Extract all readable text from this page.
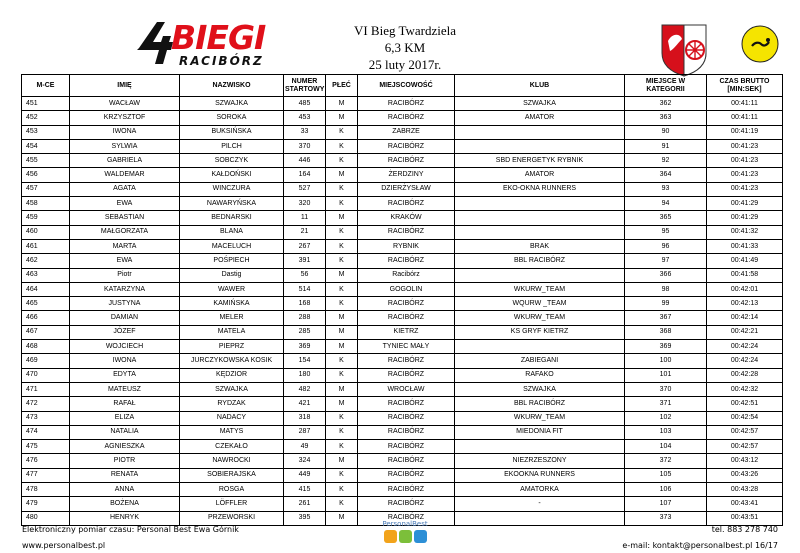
BIEGI
RACIBÓRZ
VI Bieg Twardziela
6,3 KM
25 luty 2017r.
M-CE	IMIĘ	NAZWISKO	NUMER STARTOWY	PŁEĆ	MIEJSCOWOŚĆ	KLUB	MIEJSCE W KATEGORII	CZAS BRUTTO [MIN:SEK]
451	WACŁAW	SZWAJKA	485	M	RACIBÓRZ	SZWAJKA	362	00:41:11
452	KRZYSZTOF	SOROKA	453	M	RACIBÓRZ	AMATOR	363	00:41:11
453	IWONA	BUKSIŃSKA	33	K	ZABRZE		90	00:41:19
454	SYLWIA	PILCH	370	K	RACIBÓRZ		91	00:41:23
455	GABRIELA	SOBCZYK	446	K	RACIBÓRZ	SBD ENERGETYK RYBNIK	92	00:41:23
456	WALDEMAR	KAŁDOŃSKI	164	M	ŻERDZINY	AMATOR	364	00:41:23
457	AGATA	WINCZURA	527	K	DZIERŻYSŁAW	EKO-OKNA RUNNERS	93	00:41:23
458	EWA	NAWARYŃSKA	320	K	RACIBÓRZ		94	00:41:29
459	SEBASTIAN	BEDNARSKI	11	M	KRAKÓW		365	00:41:29
460	MAŁGORZATA	BLANA	21	K	RACIBÓRZ		95	00:41:32
461	MARTA	MACELUCH	267	K	RYBNIK	BRAK	96	00:41:33
462	EWA	POŚPIECH	391	K	RACIBÓRZ	BBL RACIBÓRZ	97	00:41:49
463	Piotr	Dastig	56	M	Racibórz		366	00:41:58
464	KATARZYNA	WAWER	514	K	GOGOLIN	WKURW_TEAM	98	00:42:01
465	JUSTYNA	KAMIŃSKA	168	K	RACIBÓRZ	WQURW _TEAM	99	00:42:13
466	DAMIAN	MELER	288	M	RACIBÓRZ	WKURW_TEAM	367	00:42:14
467	JÓZEF	MATELA	285	M	KIETRZ	KS GRYF KIETRZ	368	00:42:21
468	WOJCIECH	PIEPRZ	369	M	TYNIEC MAŁY		369	00:42:24
469	IWONA	JURCZYKOWSKA KOSIK	154	K	RACIBÓRZ	ZABIEGANI	100	00:42:24
470	EDYTA	KĘDZIOR	180	K	RACIBÓRZ	RAFAKO	101	00:42:28
471	MATEUSZ	SZWAJKA	482	M	WROCŁAW	SZWAJKA	370	00:42:32
472	RAFAŁ	RYDZAK	421	M	RACIBÓRZ	BBL RACIBÓRZ	371	00:42:51
473	ELIZA	NADACY	318	K	RACIBÓRZ	WKURW_TEAM	102	00:42:54
474	NATALIA	MATYS	287	K	RACIBÓRZ	MIEDONIA FIT	103	00:42:57
475	AGNIESZKA	CZEKAŁO	49	K	RACIBÓRZ		104	00:42:57
476	PIOTR	NAWROCKI	324	M	RACIBÓRZ	NIEZRZESZONY	372	00:43:12
477	RENATA	SOBIERAJSKA	449	K	RACIBÓRZ	EKOOKNA RUNNERS	105	00:43:26
478	ANNA	ROSGA	415	K	RACIBÓRZ	AMATORKA	106	00:43:28
479	BOŻENA	LÖFFLER	261	K	RACIBÓRZ	-	107	00:43:41
480	HENRYK	PRZEWORSKI	395	M	RACIBÓRZ		373	00:43:51
Elektroniczny pomiar czasu: Personal Best Ewa Górnik
www.personalbest.pl
PersonalBest
tel. 883 278 740
e-mail: kontakt@personalbest.pl 16/17
